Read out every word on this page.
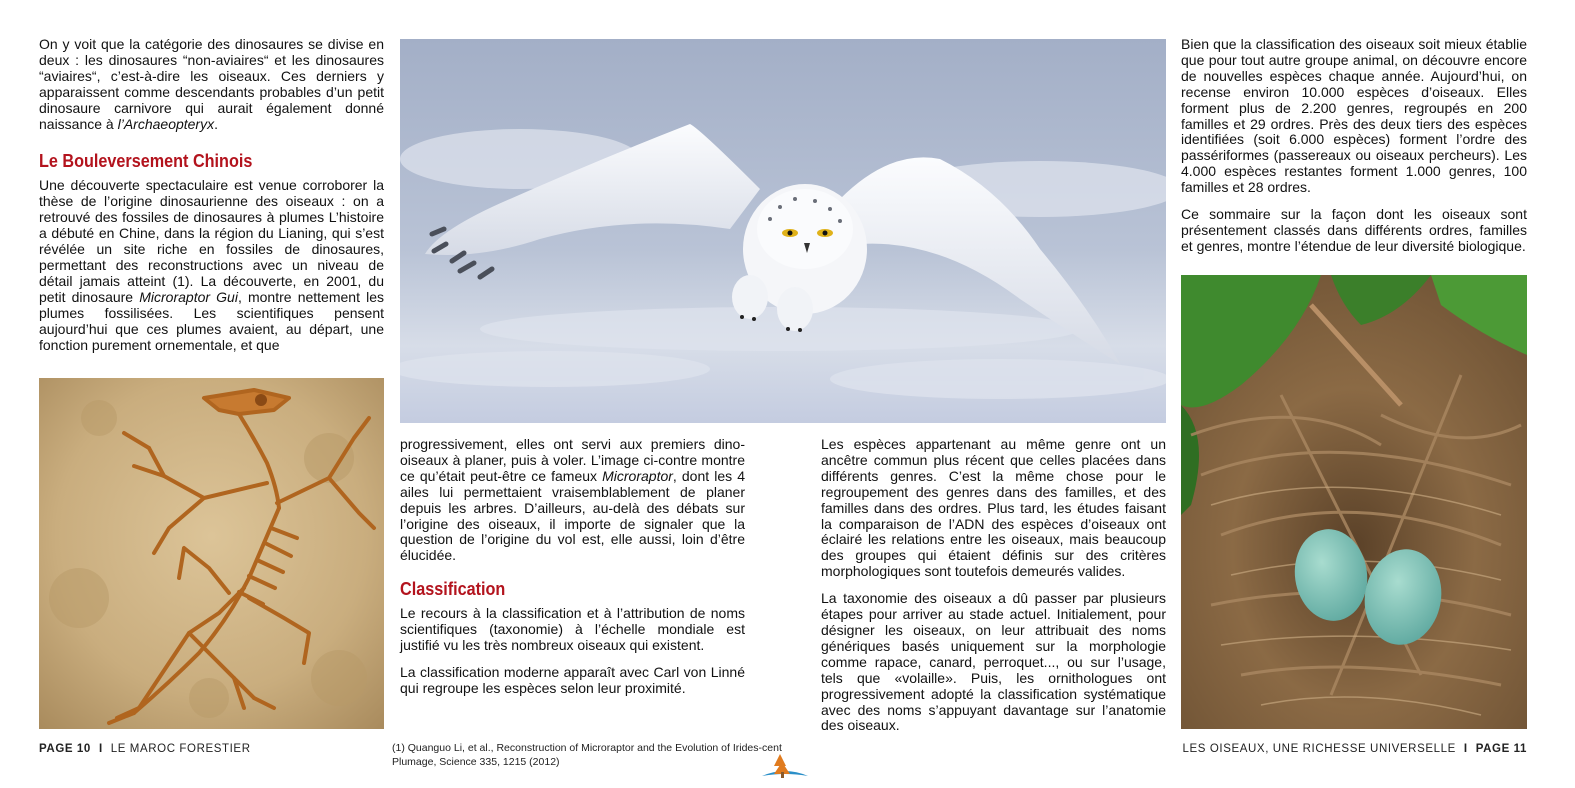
On y voit que la catégorie des dinosaures se divise en deux : les dinosaures “non-aviaires“ et les dinosaures “aviaires“, c’est-à-dire les oiseaux. Ces derniers y apparaissent comme descendants probables d’un petit dinosaure carnivore qui aurait également donné naissance à l’Archaeopteryx.

Le Bouleversement Chinois

Une découverte spectaculaire est venue corroborer la thèse de l’origine dinosaurienne des oiseaux : on a retrouvé des fossiles de dinosaures à plumes L’histoire a débuté en Chine, dans la région du Lianing, qui s’est révélée un site riche en fossiles de dinosaures, permettant des reconstructions avec un niveau de détail jamais atteint (1). La découverte, en 2001, du petit dinosaure Microraptor Gui, montre nettement les plumes fossilisées. Les scientifiques pensent aujourd’hui que ces plumes avaient, au départ, une fonction purement ornementale, et que

progressivement, elles ont servi aux premiers dino-oiseaux à planer, puis à voler. L’image ci-contre montre ce qu’était peut-être ce fameux Microraptor, dont les 4 ailes lui permettaient vraisemblablement de planer depuis les arbres. D’ailleurs, au-delà des débats sur l’origine des oiseaux, il importe de signaler que la question de l’origine du vol est, elle aussi, loin d’être élucidée.

Classification

Le recours à la classification et à l’attribution de noms scientifiques (taxonomie) à l’échelle mondiale est justifié vu les très nombreux oiseaux qui existent.

La classification moderne apparaît avec Carl von Linné qui regroupe les espèces selon leur proximité.

Les espèces appartenant au même genre ont un ancêtre commun plus récent que celles placées dans différents genres. C’est la même chose pour le regroupement des genres dans des familles, et des familles dans des ordres. Plus tard, les études faisant la comparaison de l’ADN des espèces d’oiseaux ont éclairé les relations entre les oiseaux, mais beaucoup des groupes qui étaient définis sur des critères morphologiques sont toutefois demeurés valides.

La taxonomie des oiseaux a dû passer par plusieurs étapes pour arriver au stade actuel. Initialement, pour désigner les oiseaux, on leur attribuait des noms génériques basés uniquement sur la morphologie comme rapace, canard, perroquet..., ou sur l’usage, tels que «volaille». Puis, les ornithologues ont progressivement adopté la classification systématique avec des noms s’appuyant davantage sur l’anatomie des oiseaux.

Bien que la classification des oiseaux soit mieux établie que pour tout autre groupe animal, on découvre encore de nouvelles espèces chaque année. Aujourd’hui, on recense environ 10.000 espèces d’oiseaux. Elles forment plus de 2.200 genres, regroupés en 200 familles et 29 ordres. Près des deux tiers des espèces identifiées (soit 6.000 espèces) forment l’ordre des passériformes (passereaux ou oiseaux percheurs). Les 4.000 espèces restantes forment 1.000 genres, 100 familles et 28 ordres.

Ce sommaire sur la façon dont les oiseaux sont présentement classés dans différents ordres, familles et genres, montre l’étendue de leur diversité biologique.

PAGE 10 I LE MAROC FORESTIER	(1) Quanguo Li, et al., Reconstruction of Microraptor and the Evolution of Irides-cent Plumage, Science 335, 1215 (2012)
LES OISEAUX, UNE RICHESSE UNIVERSELLE I PAGE 11
